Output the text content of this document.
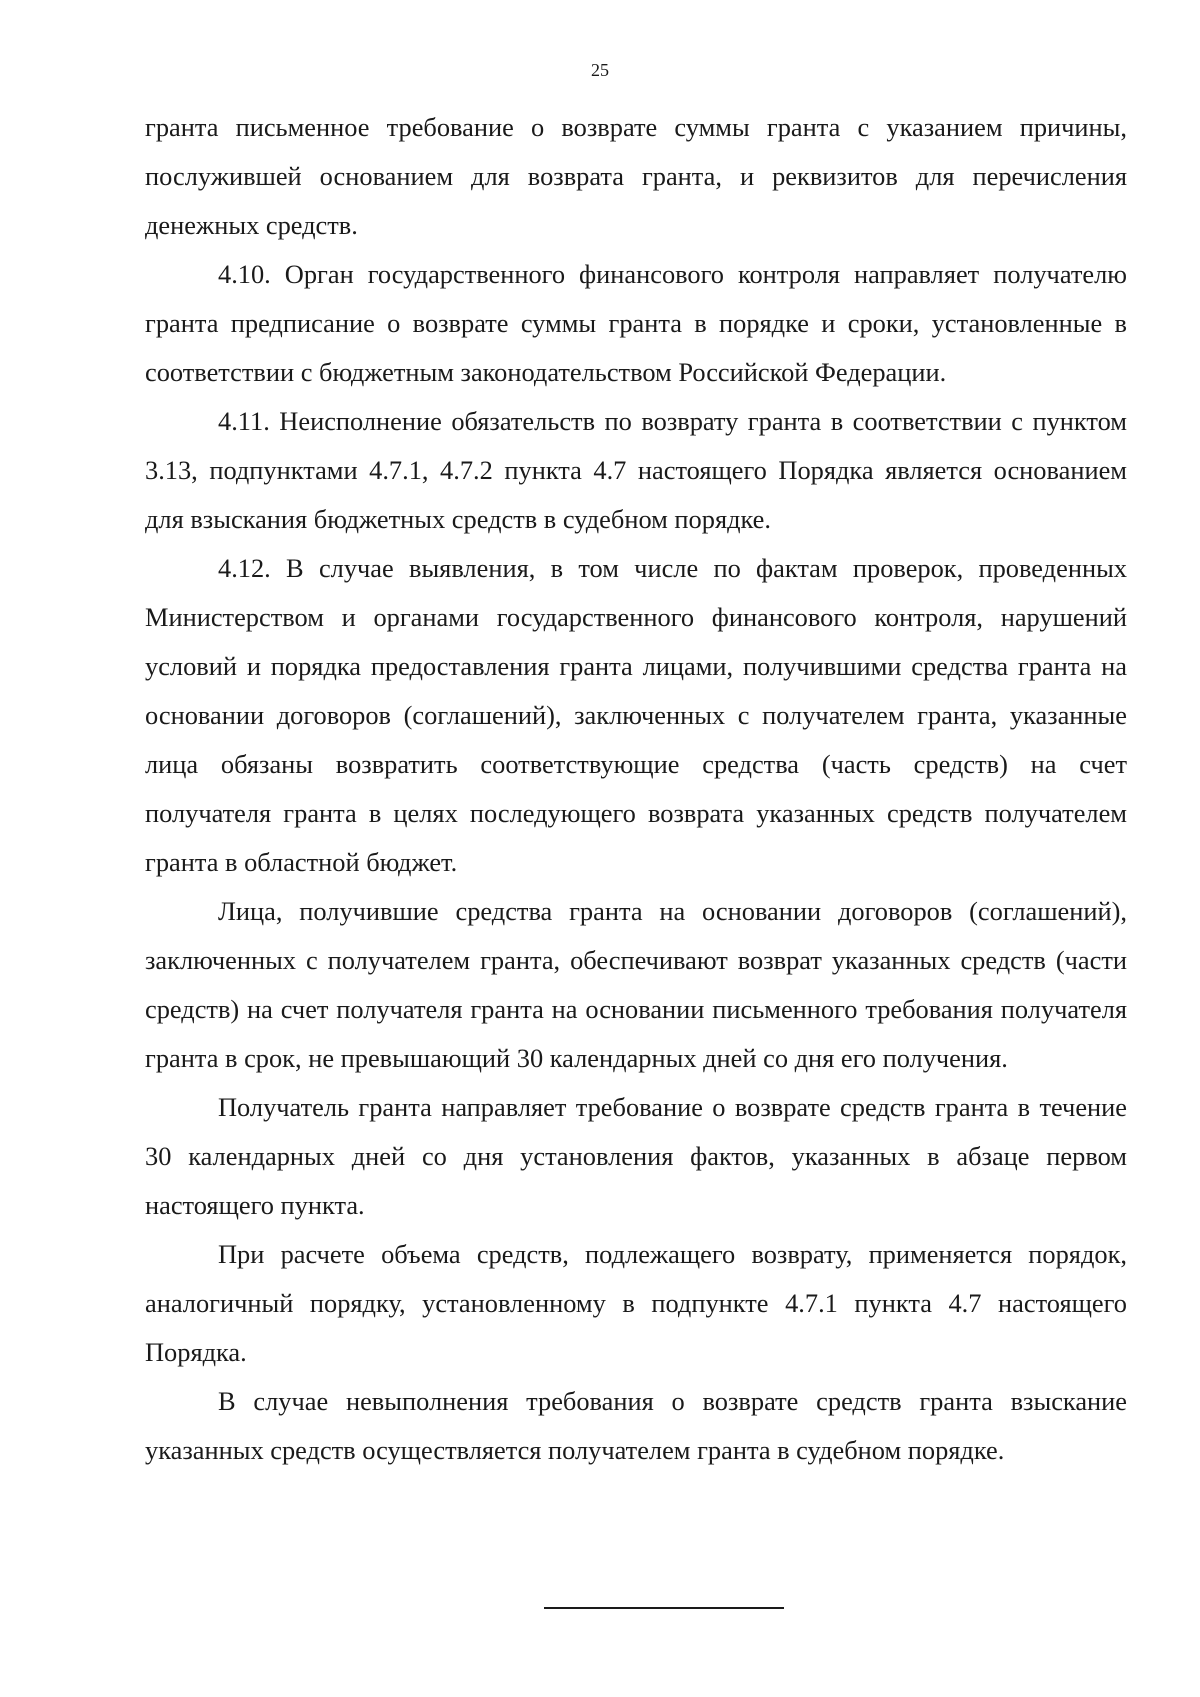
25

гранта письменное требование о возврате суммы гранта с указанием причины, послужившей основанием для возврата гранта, и реквизитов для перечисления денежных средств.

4.10. Орган государственного финансового контроля направляет получателю гранта предписание о возврате суммы гранта в порядке и сроки, установленные в соответствии с бюджетным законодательством Российской Федерации.

4.11. Неисполнение обязательств по возврату гранта в соответствии с пунктом 3.13, подпунктами 4.7.1, 4.7.2 пункта 4.7 настоящего Порядка является основанием для взыскания бюджетных средств в судебном порядке.

4.12. В случае выявления, в том числе по фактам проверок, проведенных Министерством и органами государственного финансового контроля, нарушений условий и порядка предоставления гранта лицами, получившими средства гранта на основании договоров (соглашений), заключенных с получателем гранта, указанные лица обязаны возвратить соответствующие средства (часть средств) на счет получателя гранта в целях последующего возврата указанных средств получателем гранта в областной бюджет.

Лица, получившие средства гранта на основании договоров (соглашений), заключенных с получателем гранта, обеспечивают возврат указанных средств (части средств) на счет получателя гранта на основании письменного требования получателя гранта в срок, не превышающий 30 календарных дней со дня его получения.

Получатель гранта направляет требование о возврате средств гранта в течение 30 календарных дней со дня установления фактов, указанных в абзаце первом настоящего пункта.

При расчете объема средств, подлежащего возврату, применяется порядок, аналогичный порядку, установленному в подпункте 4.7.1 пункта 4.7 настоящего Порядка.

В случае невыполнения требования о возврате средств гранта взыскание указанных средств осуществляется получателем гранта в судебном порядке.
